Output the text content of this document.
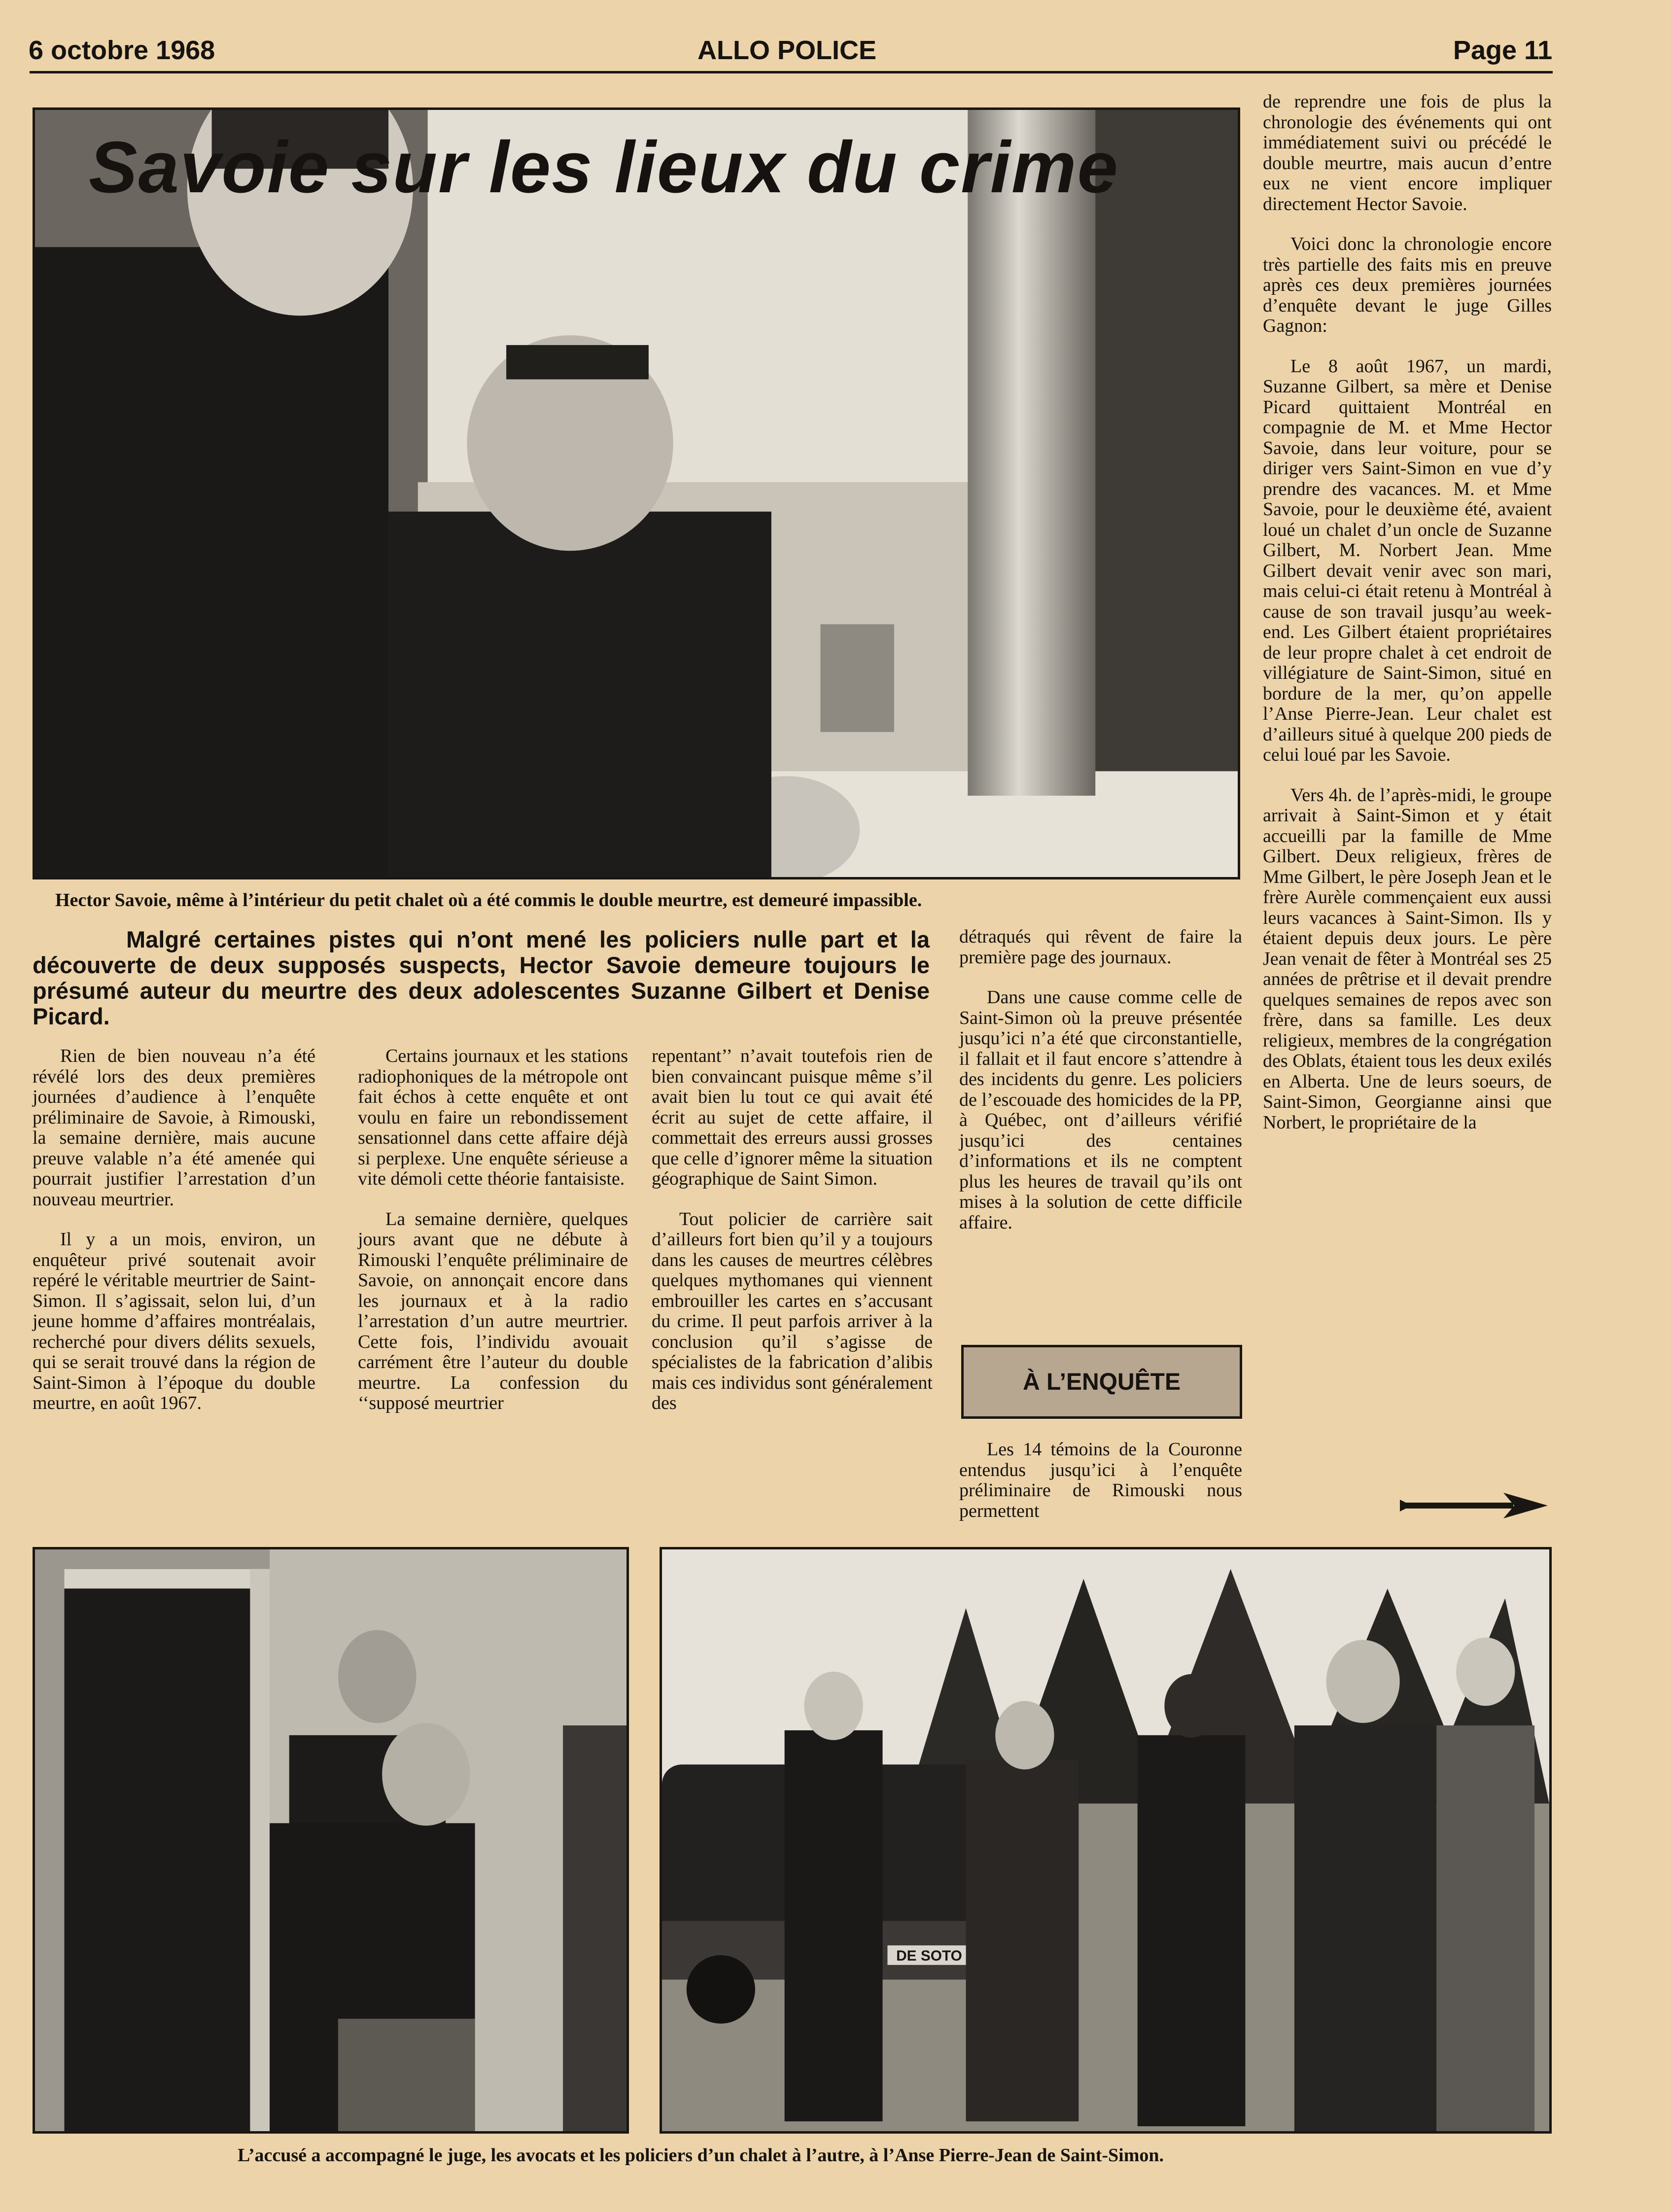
6 octobre 1968	ALLO POLICE	Page 11
Savoie sur les lieux du crime
Hector Savoie, même à l’intérieur du petit chalet où a été commis le double meurtre, est demeuré impassible.
Malgré certaines pistes qui n’ont mené les policiers nulle part et la découverte de deux supposés suspects, Hector Savoie demeure toujours le présumé auteur du meurtre des deux adolescentes Suzanne Gilbert et Denise Picard.

Rien de bien nouveau n’a été révélé lors des deux premières journées d’audience à l’enquête préliminaire de Savoie, à Rimouski, la semaine dernière, mais aucune preuve valable n’a été amenée qui pourrait justifier l’arrestation d’un nouveau meurtrier.

Il y a un mois, environ, un enquêteur privé soutenait avoir repéré le véritable meurtrier de Saint-Simon. Il s’agissait, selon lui, d’un jeune homme d’affaires montréalais, recherché pour divers délits sexuels, qui se serait trouvé dans la région de Saint-Simon à l’époque du double meurtre, en août 1967.

Certains journaux et les stations radiophoniques de la métropole ont fait échos à cette enquête et ont voulu en faire un rebondissement sensationnel dans cette affaire déjà si perplexe. Une enquête sérieuse a vite démoli cette théorie fantaisiste.

La semaine dernière, quelques jours avant que ne débute à Rimouski l’enquête préliminaire de Savoie, on annonçait encore dans les journaux et à la radio l’arrestation d’un autre meurtrier. Cette fois, l’individu avouait carrément être l’auteur du double meurtre. La confession du ‘‘supposé meurtrier

repentant’’ n’avait toutefois rien de bien convaincant puisque même s’il avait bien lu tout ce qui avait été écrit au sujet de cette affaire, il commettait des erreurs aussi grosses que celle d’ignorer même la situation géographique de Saint Simon.

Tout policier de carrière sait d’ailleurs fort bien qu’il y a toujours dans les causes de meurtres célèbres quelques mythomanes qui viennent embrouiller les cartes en s’accusant du crime. Il peut parfois arriver à la conclusion qu’il s’agisse de spécialistes de la fabrication d’alibis mais ces individus sont généralement des

détraqués qui rêvent de faire la première page des journaux.

Dans une cause comme celle de Saint-Simon où la preuve présentée jusqu’ici n’a été que circonstantielle, il fallait et il faut encore s’attendre à des incidents du genre. Les policiers de l’escouade des homicides de la PP, à Québec, ont d’ailleurs vérifié jusqu’ici des centaines d’informations et ils ne comptent plus les heures de travail qu’ils ont mises à la solution de cette difficile affaire.

À L’ENQUÊTE

Les 14 témoins de la Couronne entendus jusqu’ici à l’enquête préliminaire de Rimouski nous permettent

de reprendre une fois de plus la chronologie des événements qui ont immédiatement suivi ou précédé le double meurtre, mais aucun d’entre eux ne vient encore impliquer directement Hector Savoie.

Voici donc la chronologie encore très partielle des faits mis en preuve après ces deux premières journées d’enquête devant le juge Gilles Gagnon:

Le 8 août 1967, un mardi, Suzanne Gilbert, sa mère et Denise Picard quittaient Montréal en compagnie de M. et Mme Hector Savoie, dans leur voiture, pour se diriger vers Saint-Simon en vue d’y prendre des vacances. M. et Mme Savoie, pour le deuxième été, avaient loué un chalet d’un oncle de Suzanne Gilbert, M. Norbert Jean. Mme Gilbert devait venir avec son mari, mais celui-ci était retenu à Montréal à cause de son travail jusqu’au week-end. Les Gilbert étaient propriétaires de leur propre chalet à cet endroit de villégiature de Saint-Simon, situé en bordure de la mer, qu’on appelle l’Anse Pierre-Jean. Leur chalet est d’ailleurs situé à quelque 200 pieds de celui loué par les Savoie.

Vers 4h. de l’après-midi, le groupe arrivait à Saint-Simon et y était accueilli par la famille de Mme Gilbert. Deux religieux, frères de Mme Gilbert, le père Joseph Jean et le frère Aurèle commençaient eux aussi leurs vacances à Saint-Simon. Ils y étaient depuis deux jours. Le père Jean venait de fêter à Montréal ses 25 années de prêtrise et il devait prendre quelques semaines de repos avec son frère, dans sa famille. Les deux religieux, membres de la congrégation des Oblats, étaient tous les deux exilés en Alberta. Une de leurs soeurs, de Saint-Simon, Georgianne ainsi que Norbert, le propriétaire de la

DE SOTO
L’accusé a accompagné le juge, les avocats et les policiers d’un chalet à l’autre, à l’Anse Pierre-Jean de Saint-Simon.
